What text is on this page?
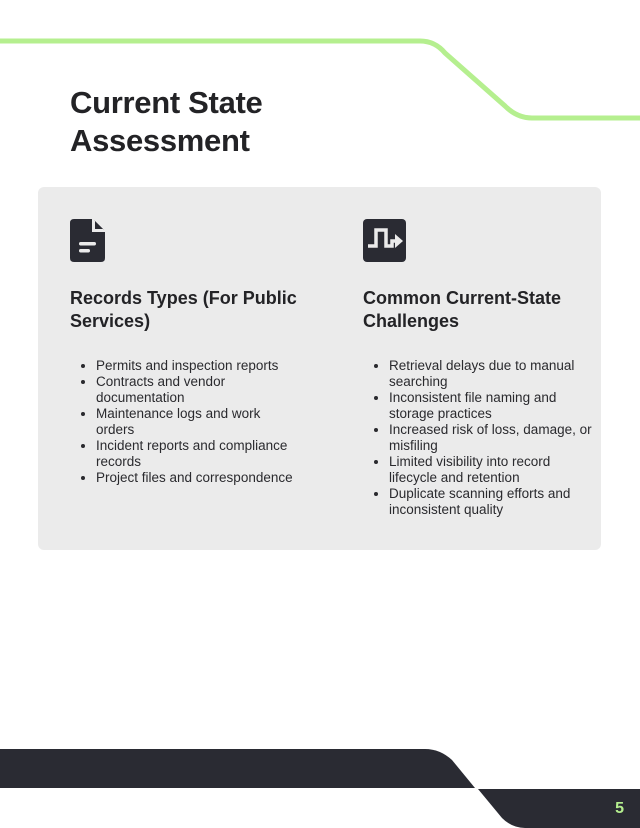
Current State
Assessment
Records Types (For Public Services)
• Permits and inspection reports
• Contracts and vendor documentation
• Maintenance logs and work orders
• Incident reports and compliance records
• Project files and correspondence
Common Current-State Challenges
• Retrieval delays due to manual searching
• Inconsistent file naming and storage practices
• Increased risk of loss, damage, or misfiling
• Limited visibility into record lifecycle and retention
• Duplicate scanning efforts and inconsistent quality
5
